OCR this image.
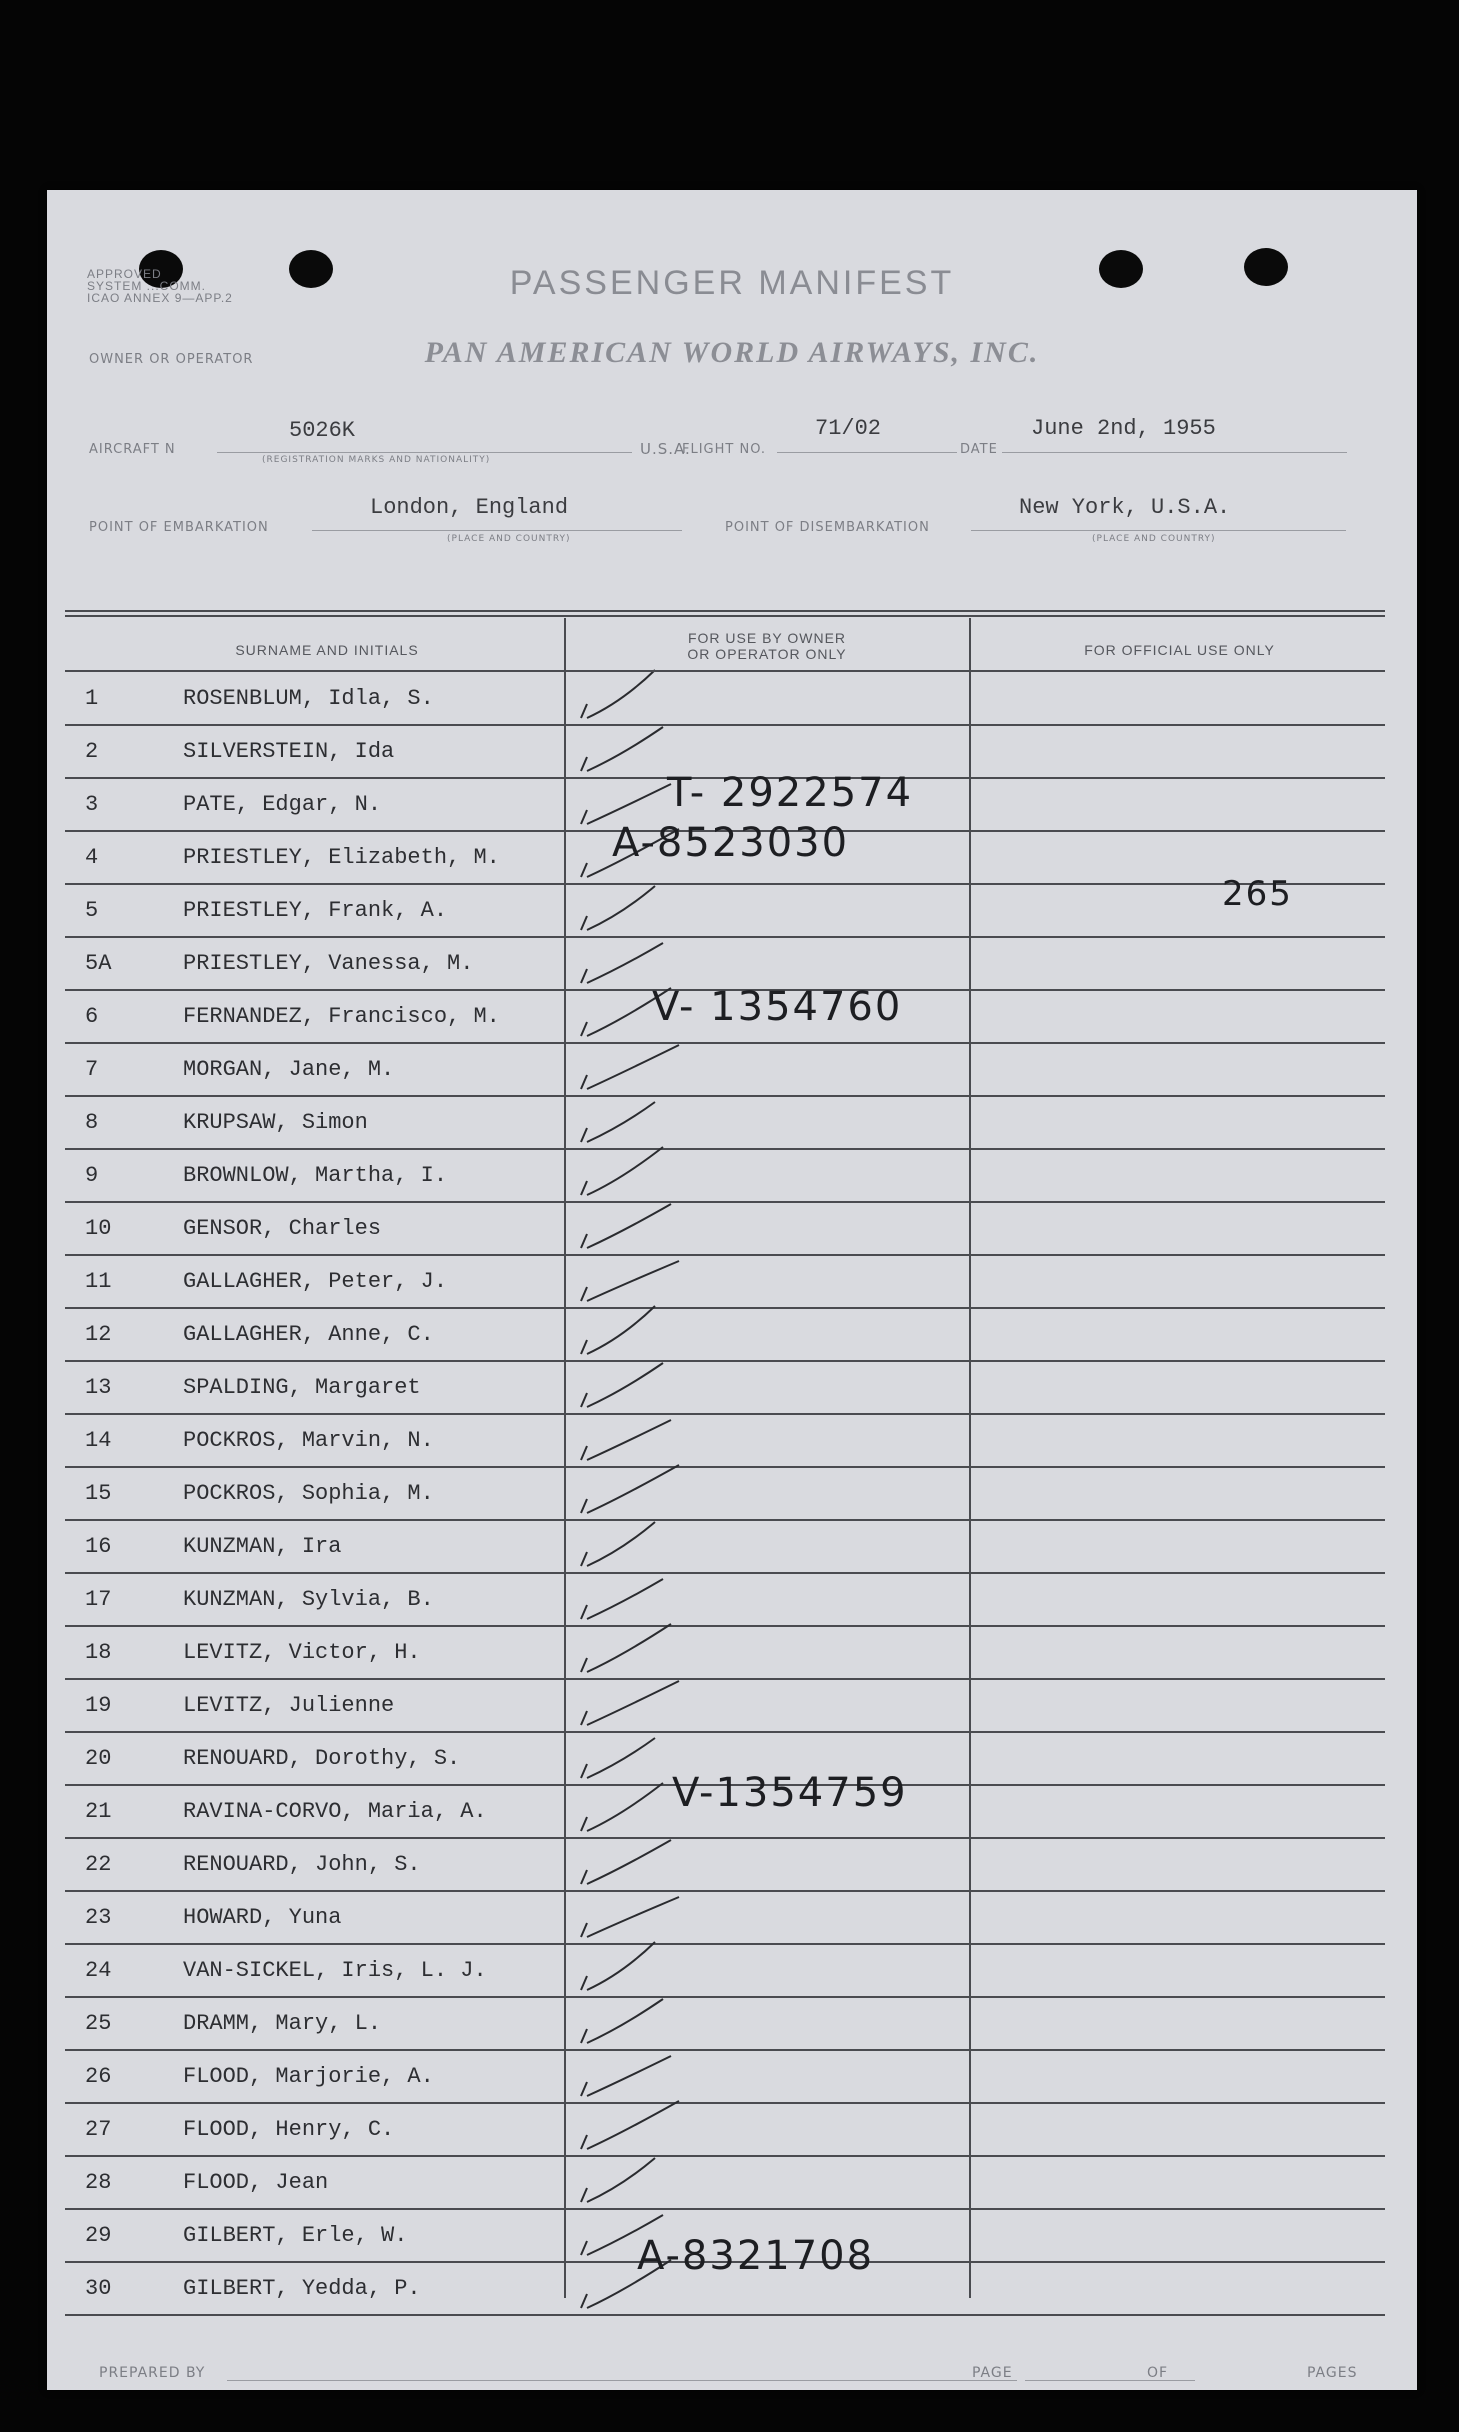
APPROVED
SYSTEM ...COMM.
ICAO ANNEX 9—APP.2	PASSENGER MANIFEST
OWNER OR OPERATOR	PAN AMERICAN WORLD AIRWAYS, INC.
AIRCRAFT N
5026K
(REGISTRATION MARKS AND NATIONALITY)
U.S.A.
FLIGHT NO.
71/02
DATE
June 2nd, 1955
POINT OF EMBARKATION
London, England
(PLACE AND COUNTRY)
POINT OF DISEMBARKATION
New York, U.S.A.
(PLACE AND COUNTRY)
SURNAME AND INITIALS
FOR USE BY OWNER
OR OPERATOR ONLY	FOR OFFICIAL USE ONLY
1	ROSENBLUM, Idla, S.
2	SILVERSTEIN, Ida
3	PATE, Edgar, N.
4	PRIESTLEY, Elizabeth, M.
5	PRIESTLEY, Frank, A.
5A	PRIESTLEY, Vanessa, M.
6	FERNANDEZ, Francisco, M.
7	MORGAN, Jane, M.
8	KRUPSAW, Simon
9	BROWNLOW, Martha, I.
10	GENSOR, Charles
11	GALLAGHER, Peter, J.
12	GALLAGHER, Anne, C.
13	SPALDING, Margaret
14	POCKROS, Marvin, N.
15	POCKROS, Sophia, M.
16	KUNZMAN, Ira
17	KUNZMAN, Sylvia, B.
18	LEVITZ, Victor, H.
19	LEVITZ, Julienne
20	RENOUARD, Dorothy, S.
21	RAVINA-CORVO, Maria, A.
22	RENOUARD, John, S.
23	HOWARD, Yuna
24	VAN-SICKEL, Iris, L. J.
25	DRAMM, Mary, L.
26	FLOOD, Marjorie, A.
27	FLOOD, Henry, C.
28	FLOOD, Jean
29	GILBERT, Erle, W.
30	GILBERT, Yedda, P.
T- 2922574
A-8523030
265
V- 1354760
V-1354759
A-8321708
PREPARED BY	PAGE	OF	PAGES
